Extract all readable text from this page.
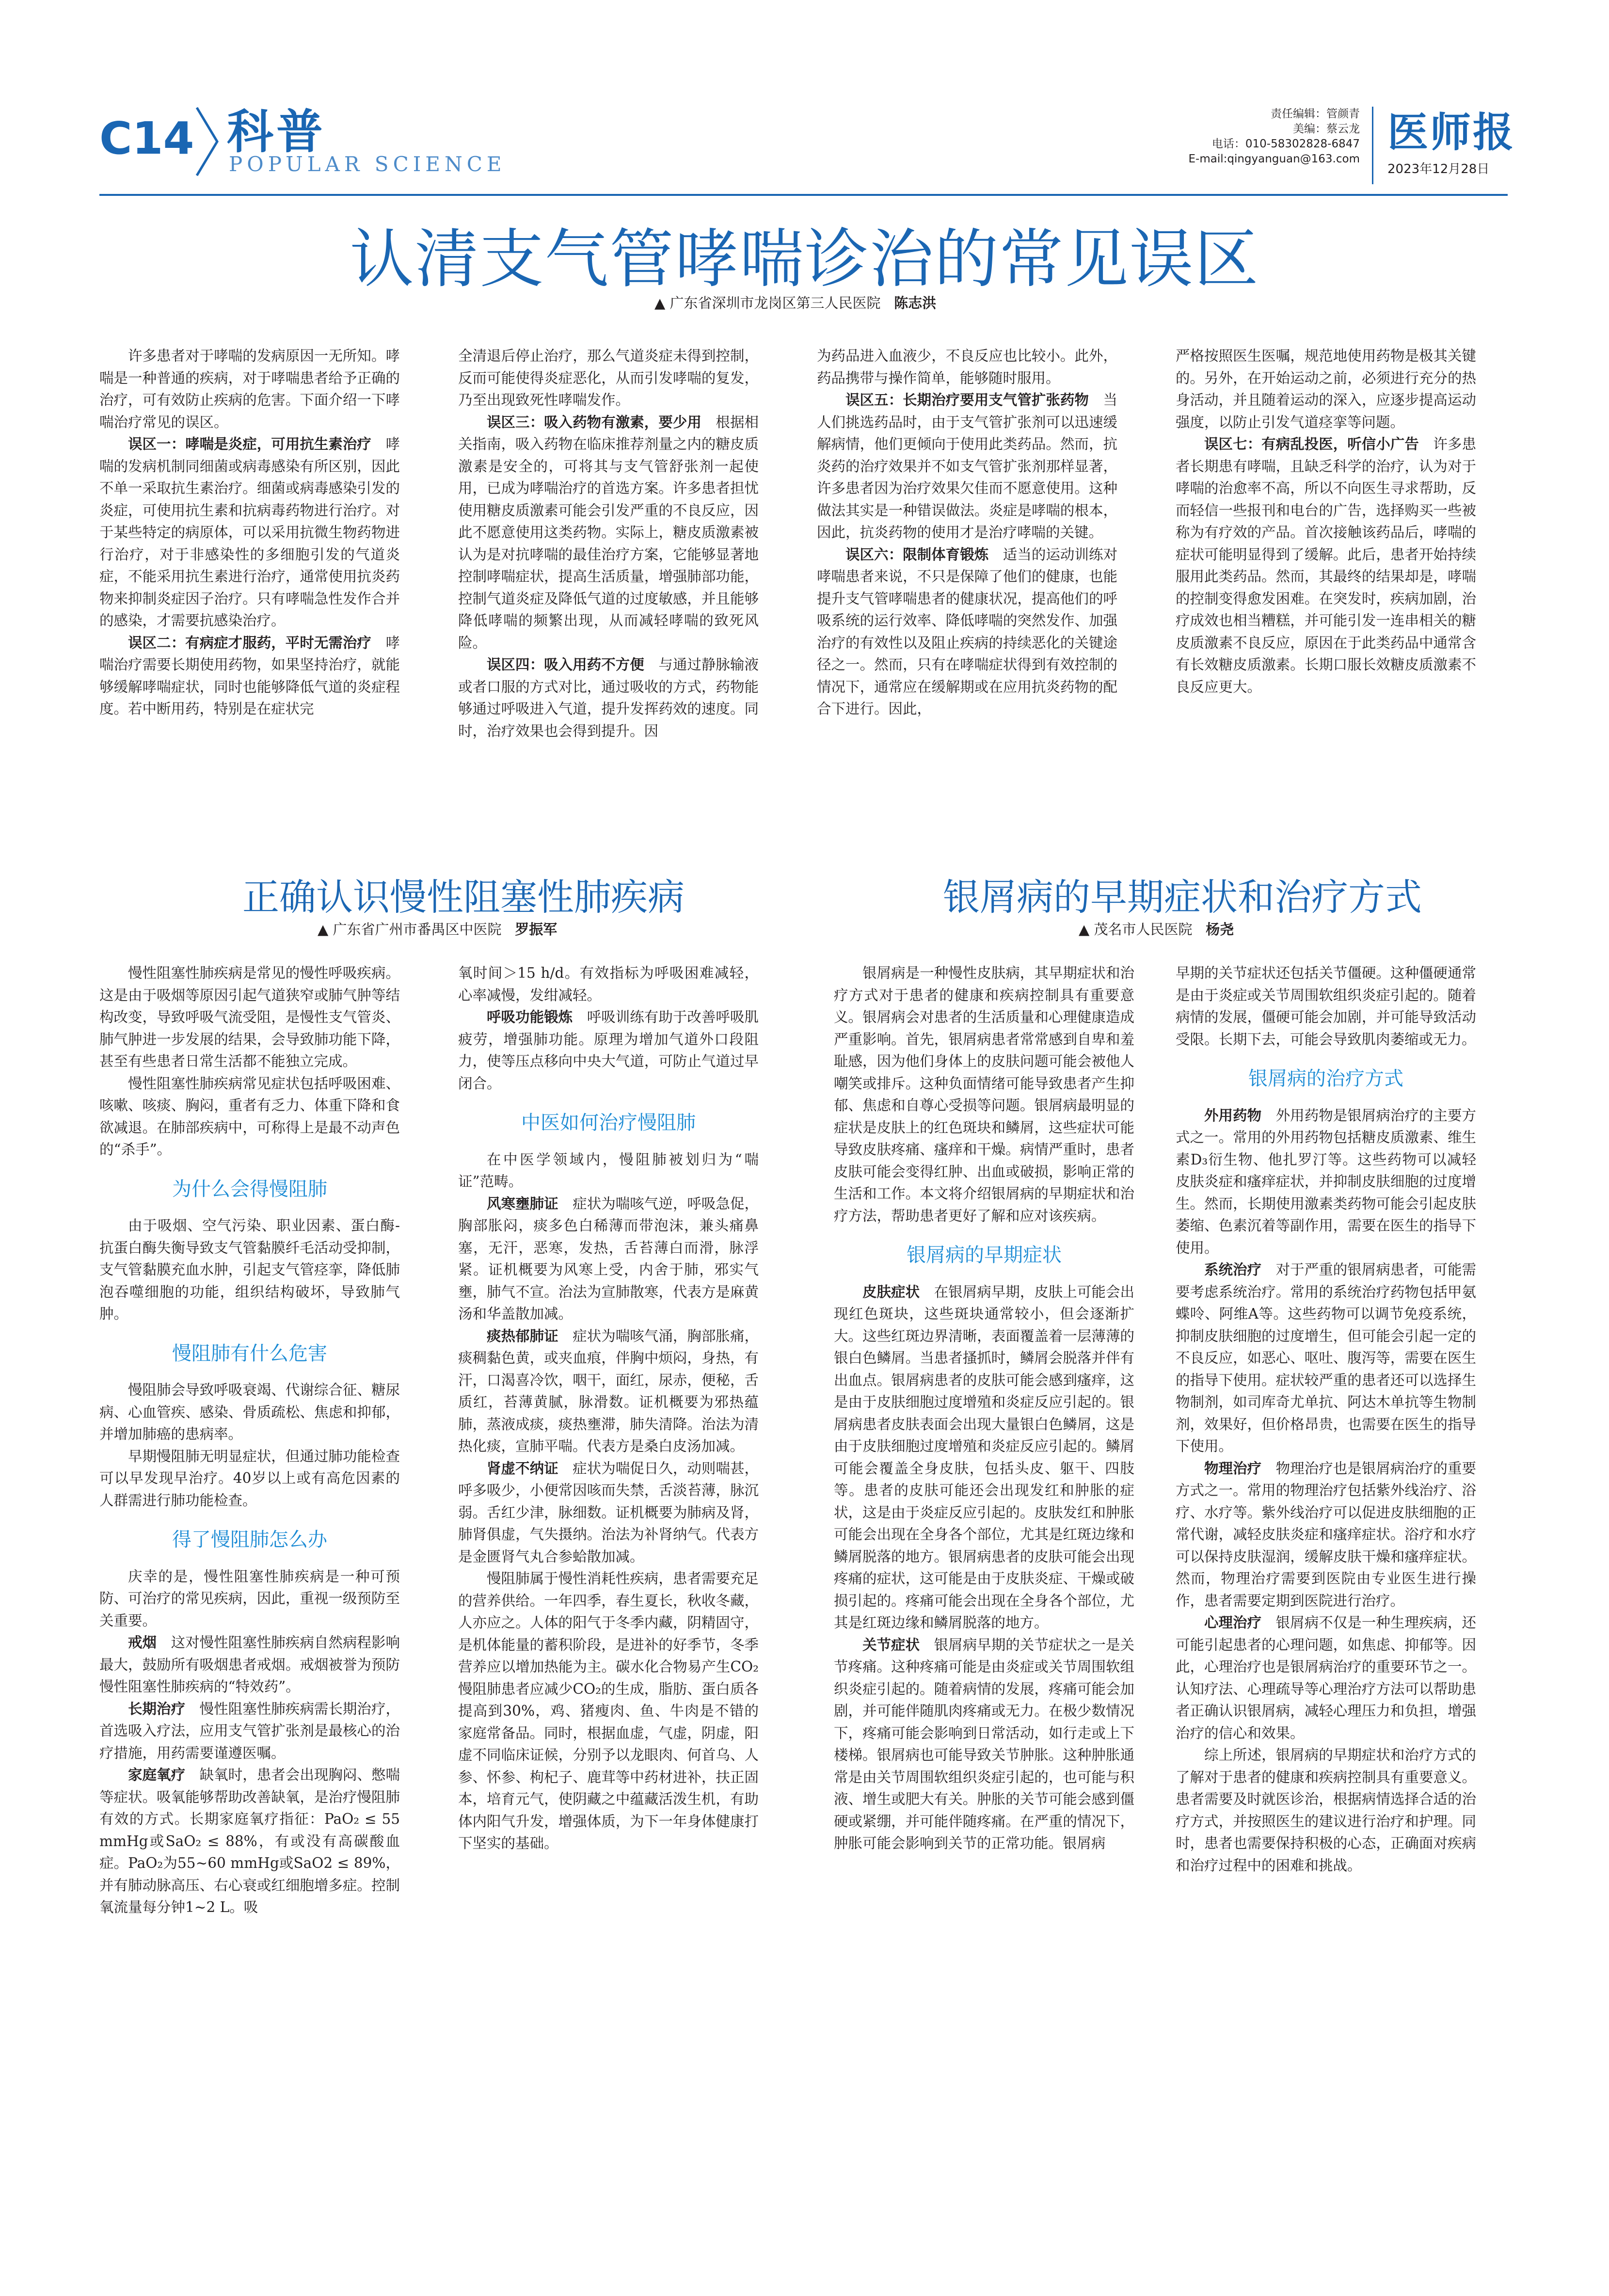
C14 科普
POPULAR SCIENCE
责任编辑：管颜青
美编：蔡云龙
电话：010-58302828-6847
E-mail:qingyanguan@163.com
医师报
2023年12月28日
认清支气管哮喘诊治的常见误区
▲ 广东省深圳市龙岗区第三人民医院 陈志洪

许多患者对于哮喘的发病原因一无所知。哮喘是一种普通的疾病，对于哮喘患者给予正确的治疗，可有效防止疾病的危害。下面介绍一下哮喘治疗常见的误区。

误区一：哮喘是炎症，可用抗生素治疗  哮喘的发病机制同细菌或病毒感染有所区别，因此不单一采取抗生素治疗。细菌或病毒感染引发的炎症，可使用抗生素和抗病毒药物进行治疗。对于某些特定的病原体，可以采用抗微生物药物进行治疗，对于非感染性的多细胞引发的气道炎症，不能采用抗生素进行治疗，通常使用抗炎药物来抑制炎症因子治疗。只有哮喘急性发作合并的感染，才需要抗感染治疗。

误区二：有病症才服药，平时无需治疗  哮喘治疗需要长期使用药物，如果坚持治疗，就能够缓解哮喘症状，同时也能够降低气道的炎症程度。若中断用药，特别是在症状完

全清退后停止治疗，那么气道炎症未得到控制，反而可能使得炎症恶化，从而引发哮喘的复发，乃至出现致死性哮喘发作。

误区三：吸入药物有激素，要少用  根据相关指南，吸入药物在临床推荐剂量之内的糖皮质激素是安全的，可将其与支气管舒张剂一起使用，已成为哮喘治疗的首选方案。许多患者担忧使用糖皮质激素可能会引发严重的不良反应，因此不愿意使用这类药物。实际上，糖皮质激素被认为是对抗哮喘的最佳治疗方案，它能够显著地控制哮喘症状，提高生活质量，增强肺部功能，控制气道炎症及降低气道的过度敏感，并且能够降低哮喘的频繁出现，从而减轻哮喘的致死风险。

误区四：吸入用药不方便  与通过静脉输液或者口服的方式对比，通过吸收的方式，药物能够通过呼吸进入气道，提升发挥药效的速度。同时，治疗效果也会得到提升。因

为药品进入血液少，不良反应也比较小。此外，药品携带与操作简单，能够随时服用。

误区五：长期治疗要用支气管扩张药物  当人们挑选药品时，由于支气管扩张剂可以迅速缓解病情，他们更倾向于使用此类药品。然而，抗炎药的治疗效果并不如支气管扩张剂那样显著，许多患者因为治疗效果欠佳而不愿意使用。这种做法其实是一种错误做法。炎症是哮喘的根本，因此，抗炎药物的使用才是治疗哮喘的关键。

误区六：限制体育锻炼  适当的运动训练对哮喘患者来说，不只是保障了他们的健康，也能提升支气管哮喘患者的健康状况，提高他们的呼吸系统的运行效率、降低哮喘的突然发作、加强治疗的有效性以及阻止疾病的持续恶化的关键途径之一。然而，只有在哮喘症状得到有效控制的情况下，通常应在缓解期或在应用抗炎药物的配合下进行。因此，

严格按照医生医嘱，规范地使用药物是极其关键的。另外，在开始运动之前，必须进行充分的热身活动，并且随着运动的深入，应逐步提高运动强度，以防止引发气道痉挛等问题。

误区七：有病乱投医，听信小广告  许多患者长期患有哮喘，且缺乏科学的治疗，认为对于哮喘的治愈率不高，所以不向医生寻求帮助，反而轻信一些报刊和电台的广告，选择购买一些被称为有疗效的产品。首次接触该药品后，哮喘的症状可能明显得到了缓解。此后，患者开始持续服用此类药品。然而，其最终的结果却是，哮喘的控制变得愈发困难。在突发时，疾病加剧，治疗成效也相当糟糕，并可能引发一连串相关的糖皮质激素不良反应，原因在于此类药品中通常含有长效糖皮质激素。长期口服长效糖皮质激素不良反应更大。

正确认识慢性阻塞性肺疾病
▲ 广东省广州市番禺区中医院 罗振军

慢性阻塞性肺疾病是常见的慢性呼吸疾病。这是由于吸烟等原因引起气道狭窄或肺气肿等结构改变，导致呼吸气流受阻，是慢性支气管炎、肺气肿进一步发展的结果，会导致肺功能下降，甚至有些患者日常生活都不能独立完成。

慢性阻塞性肺疾病常见症状包括呼吸困难、咳嗽、咳痰、胸闷，重者有乏力、体重下降和食欲减退。在肺部疾病中，可称得上是最不动声色的“杀手”。

为什么会得慢阻肺

由于吸烟、空气污染、职业因素、蛋白酶-抗蛋白酶失衡导致支气管黏膜纤毛活动受抑制，支气管黏膜充血水肿，引起支气管痉挛，降低肺泡吞噬细胞的功能，组织结构破坏，导致肺气肿。

慢阻肺有什么危害

慢阻肺会导致呼吸衰竭、代谢综合征、糖尿病、心血管疾、感染、骨质疏松、焦虑和抑郁，并增加肺癌的患病率。

早期慢阻肺无明显症状，但通过肺功能检查可以早发现早治疗。40岁以上或有高危因素的人群需进行肺功能检查。

得了慢阻肺怎么办

庆幸的是，慢性阻塞性肺疾病是一种可预防、可治疗的常见疾病，因此，重视一级预防至关重要。

戒烟  这对慢性阻塞性肺疾病自然病程影响最大，鼓励所有吸烟患者戒烟。戒烟被誉为预防慢性阻塞性肺疾病的“特效药”。

长期治疗  慢性阻塞性肺疾病需长期治疗，首选吸入疗法，应用支气管扩张剂是最核心的治疗措施，用药需要谨遵医嘱。

家庭氧疗  缺氧时，患者会出现胸闷、憋喘等症状。吸氧能够帮助改善缺氧，是治疗慢阻肺有效的方式。长期家庭氧疗指征：PaO₂ ≤ 55 mmHg或SaO₂ ≤ 88%，有或没有高碳酸血症。PaO₂为55~60 mmHg或SaO2 ≤ 89%，并有肺动脉高压、右心衰或红细胞增多症。控制氧流量每分钟1~2 L。吸

氧时间＞15 h/d。有效指标为呼吸困难减轻，心率减慢，发绀减轻。

呼吸功能锻炼  呼吸训练有助于改善呼吸肌疲劳，增强肺功能。原理为增加气道外口段阻力，使等压点移向中央大气道，可防止气道过早闭合。

中医如何治疗慢阻肺

在中医学领域内，慢阻肺被划归为“喘证”范畴。

风寒壅肺证  症状为喘咳气逆，呼吸急促，胸部胀闷，痰多色白稀薄而带泡沫，兼头痛鼻塞，无汗，恶寒，发热，舌苔薄白而滑，脉浮紧。证机概要为风寒上受，内舍于肺，邪实气壅，肺气不宣。治法为宣肺散寒，代表方是麻黄汤和华盖散加减。

痰热郁肺证  症状为喘咳气涌，胸部胀痛，痰稠黏色黄，或夹血痕，伴胸中烦闷，身热，有汗，口渴喜冷饮，咽干，面红，尿赤，便秘，舌质红，苔薄黄腻，脉滑数。证机概要为邪热蕴肺，蒸液成痰，痰热壅滞，肺失清降。治法为清热化痰，宣肺平喘。代表方是桑白皮汤加减。

肾虚不纳证  症状为喘促日久，动则喘甚，呼多吸少，小便常因咳而失禁，舌淡苔薄，脉沉弱。舌红少津，脉细数。证机概要为肺病及肾，肺肾俱虚，气失摄纳。治法为补肾纳气。代表方是金匮肾气丸合参蛤散加减。

慢阻肺属于慢性消耗性疾病，患者需要充足的营养供给。一年四季，春生夏长，秋收冬藏，人亦应之。人体的阳气于冬季内藏，阴精固守，是机体能量的蓄积阶段，是进补的好季节，冬季营养应以增加热能为主。碳水化合物易产生CO₂慢阻肺患者应减少CO₂的生成，脂肪、蛋白质各提高到30%，鸡、猪瘦肉、鱼、牛肉是不错的家庭常备品。同时，根据血虚，气虚，阴虚，阳虚不同临床证候，分别予以龙眼肉、何首乌、人参、怀参、枸杞子、鹿茸等中药材进补，扶正固本，培育元气，使阴藏之中蕴藏活泼生机，有助体内阳气升发，增强体质，为下一年身体健康打下坚实的基础。

银屑病的早期症状和治疗方式
▲ 茂名市人民医院 杨尧

银屑病是一种慢性皮肤病，其早期症状和治疗方式对于患者的健康和疾病控制具有重要意义。银屑病会对患者的生活质量和心理健康造成严重影响。首先，银屑病患者常常感到自卑和羞耻感，因为他们身体上的皮肤问题可能会被他人嘲笑或排斥。这种负面情绪可能导致患者产生抑郁、焦虑和自尊心受损等问题。银屑病最明显的症状是皮肤上的红色斑块和鳞屑，这些症状可能导致皮肤疼痛、瘙痒和干燥。病情严重时，患者皮肤可能会变得红肿、出血或破损，影响正常的生活和工作。本文将介绍银屑病的早期症状和治疗方法，帮助患者更好了解和应对该疾病。

银屑病的早期症状

皮肤症状  在银屑病早期，皮肤上可能会出现红色斑块，这些斑块通常较小，但会逐渐扩大。这些红斑边界清晰，表面覆盖着一层薄薄的银白色鳞屑。当患者搔抓时，鳞屑会脱落并伴有出血点。银屑病患者的皮肤可能会感到瘙痒，这是由于皮肤细胞过度增殖和炎症反应引起的。银屑病患者皮肤表面会出现大量银白色鳞屑，这是由于皮肤细胞过度增殖和炎症反应引起的。鳞屑可能会覆盖全身皮肤，包括头皮、躯干、四肢等。患者的皮肤可能还会出现发红和肿胀的症状，这是由于炎症反应引起的。皮肤发红和肿胀可能会出现在全身各个部位，尤其是红斑边缘和鳞屑脱落的地方。银屑病患者的皮肤可能会出现疼痛的症状，这可能是由于皮肤炎症、干燥或破损引起的。疼痛可能会出现在全身各个部位，尤其是红斑边缘和鳞屑脱落的地方。

关节症状  银屑病早期的关节症状之一是关节疼痛。这种疼痛可能是由炎症或关节周围软组织炎症引起的。随着病情的发展，疼痛可能会加剧，并可能伴随肌肉疼痛或无力。在极少数情况下，疼痛可能会影响到日常活动，如行走或上下楼梯。银屑病也可能导致关节肿胀。这种肿胀通常是由关节周围软组织炎症引起的，也可能与积液、增生或肥大有关。肿胀的关节可能会感到僵硬或紧绷，并可能伴随疼痛。在严重的情况下，肿胀可能会影响到关节的正常功能。银屑病

早期的关节症状还包括关节僵硬。这种僵硬通常是由于炎症或关节周围软组织炎症引起的。随着病情的发展，僵硬可能会加剧，并可能导致活动受限。长期下去，可能会导致肌肉萎缩或无力。

银屑病的治疗方式

外用药物  外用药物是银屑病治疗的主要方式之一。常用的外用药物包括糖皮质激素、维生素D₃衍生物、他扎罗汀等。这些药物可以减轻皮肤炎症和瘙痒症状，并抑制皮肤细胞的过度增生。然而，长期使用激素类药物可能会引起皮肤萎缩、色素沉着等副作用，需要在医生的指导下使用。

系统治疗  对于严重的银屑病患者，可能需要考虑系统治疗。常用的系统治疗药物包括甲氨蝶呤、阿维A等。这些药物可以调节免疫系统，抑制皮肤细胞的过度增生，但可能会引起一定的不良反应，如恶心、呕吐、腹泻等，需要在医生的指导下使用。症状较严重的患者还可以选择生物制剂，如司库奇尤单抗、阿达木单抗等生物制剂，效果好，但价格昂贵，也需要在医生的指导下使用。

物理治疗  物理治疗也是银屑病治疗的重要方式之一。常用的物理治疗包括紫外线治疗、浴疗、水疗等。紫外线治疗可以促进皮肤细胞的正常代谢，减轻皮肤炎症和瘙痒症状。浴疗和水疗可以保持皮肤湿润，缓解皮肤干燥和瘙痒症状。然而，物理治疗需要到医院由专业医生进行操作，患者需要定期到医院进行治疗。

心理治疗  银屑病不仅是一种生理疾病，还可能引起患者的心理问题，如焦虑、抑郁等。因此，心理治疗也是银屑病治疗的重要环节之一。认知疗法、心理疏导等心理治疗方法可以帮助患者正确认识银屑病，减轻心理压力和负担，增强治疗的信心和效果。

综上所述，银屑病的早期症状和治疗方式的了解对于患者的健康和疾病控制具有重要意义。患者需要及时就医诊治，根据病情选择合适的治疗方式，并按照医生的建议进行治疗和护理。同时，患者也需要保持积极的心态，正确面对疾病和治疗过程中的困难和挑战。
